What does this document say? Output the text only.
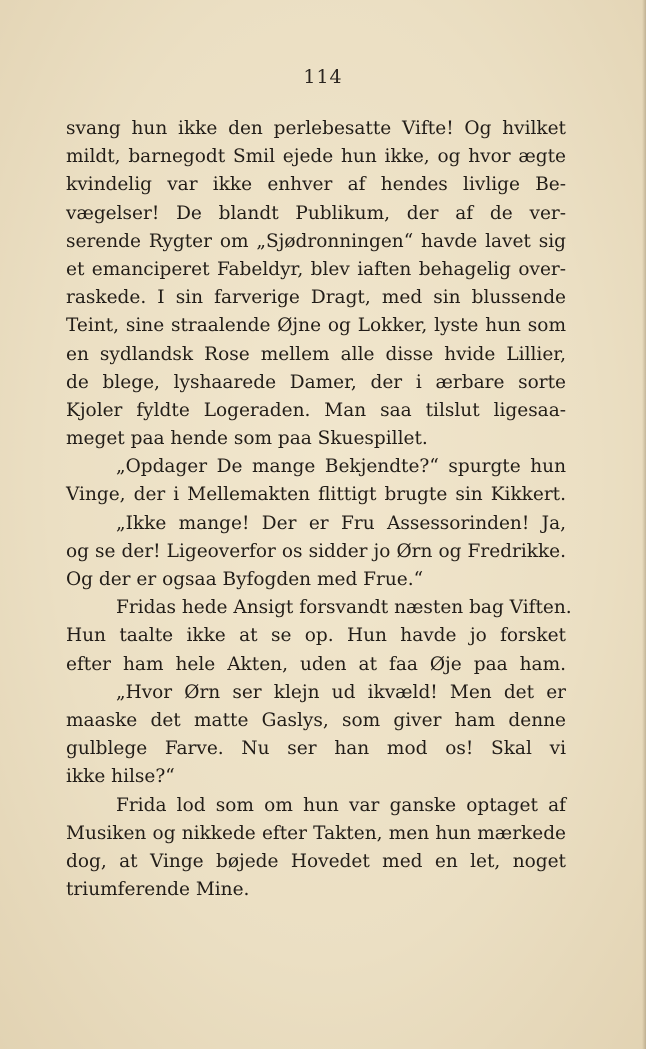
114
svang hun ikke den perlebesatte Vifte! Og hvilket
mildt, barnegodt Smil ejede hun ikke, og hvor ægte
kvindelig var ikke enhver af hendes livlige Be-
vægelser! De blandt Publikum, der af de ver-
serende Rygter om „Sjødronningen“ havde lavet sig
et emanciperet Fabeldyr, blev iaften behagelig over-
raskede. I sin farverige Dragt, med sin blussende
Teint, sine straalende Øjne og Lokker, lyste hun som
en sydlandsk Rose mellem alle disse hvide Lillier,
de blege, lyshaarede Damer, der i ærbare sorte
Kjoler fyldte Logeraden. Man saa tilslut ligesaa-
meget paa hende som paa Skuespillet.
„Opdager De mange Bekjendte?“ spurgte hun
Vinge, der i Mellemakten flittigt brugte sin Kikkert.
„Ikke mange! Der er Fru Assessorinden! Ja,
og se der! Ligeoverfor os sidder jo Ørn og Fredrikke.
Og der er ogsaa Byfogden med Frue.“
Fridas hede Ansigt forsvandt næsten bag Viften.
Hun taalte ikke at se op. Hun havde jo forsket
efter ham hele Akten, uden at faa Øje paa ham.
„Hvor Ørn ser klejn ud ikvæld! Men det er
maaske det matte Gaslys, som giver ham denne
gulblege Farve. Nu ser han mod os! Skal vi
ikke hilse?“
Frida lod som om hun var ganske optaget af
Musiken og nikkede efter Takten, men hun mærkede
dog, at Vinge bøjede Hovedet med en let, noget
triumferende Mine.
